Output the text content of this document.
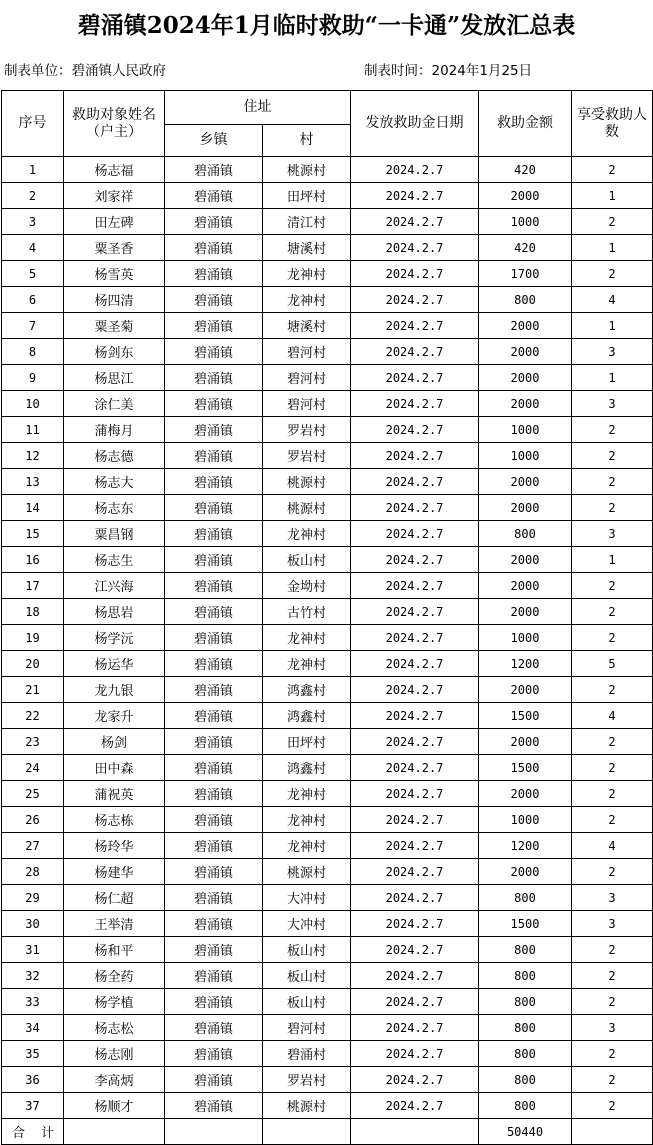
碧涌镇2024年1月临时救助“一卡通”发放汇总表
制表单位：碧涌镇人民政府	制表时间：2024年1月25日
序号	救助对象姓名（户主）	住址		发放救助金日期	救助金额	享受救助人数
		乡镇	村			
1	杨志福	碧涌镇	桃源村	2024.2.7	420	2
2	刘家祥	碧涌镇	田坪村	2024.2.7	2000	1
3	田左碑	碧涌镇	清江村	2024.2.7	1000	2
4	粟圣香	碧涌镇	塘溪村	2024.2.7	420	1
5	杨雪英	碧涌镇	龙神村	2024.2.7	1700	2
6	杨四清	碧涌镇	龙神村	2024.2.7	800	4
7	粟圣菊	碧涌镇	塘溪村	2024.2.7	2000	1
8	杨剑东	碧涌镇	碧河村	2024.2.7	2000	3
9	杨思江	碧涌镇	碧河村	2024.2.7	2000	1
10	涂仁美	碧涌镇	碧河村	2024.2.7	2000	3
11	蒲梅月	碧涌镇	罗岩村	2024.2.7	1000	2
12	杨志德	碧涌镇	罗岩村	2024.2.7	1000	2
13	杨志大	碧涌镇	桃源村	2024.2.7	2000	2
14	杨志东	碧涌镇	桃源村	2024.2.7	2000	2
15	粟昌钢	碧涌镇	龙神村	2024.2.7	800	3
16	杨志生	碧涌镇	板山村	2024.2.7	2000	1
17	江兴海	碧涌镇	金坳村	2024.2.7	2000	2
18	杨思岩	碧涌镇	古竹村	2024.2.7	2000	2
19	杨学沅	碧涌镇	龙神村	2024.2.7	1000	2
20	杨运华	碧涌镇	龙神村	2024.2.7	1200	5
21	龙九银	碧涌镇	鸿鑫村	2024.2.7	2000	2
22	龙家升	碧涌镇	鸿鑫村	2024.2.7	1500	4
23	杨剑	碧涌镇	田坪村	2024.2.7	2000	2
24	田中森	碧涌镇	鸿鑫村	2024.2.7	1500	2
25	蒲祝英	碧涌镇	龙神村	2024.2.7	2000	2
26	杨志栋	碧涌镇	龙神村	2024.2.7	1000	2
27	杨玲华	碧涌镇	龙神村	2024.2.7	1200	4
28	杨建华	碧涌镇	桃源村	2024.2.7	2000	2
29	杨仁超	碧涌镇	大冲村	2024.2.7	800	3
30	王举清	碧涌镇	大冲村	2024.2.7	1500	3
31	杨和平	碧涌镇	板山村	2024.2.7	800	2
32	杨全药	碧涌镇	板山村	2024.2.7	800	2
33	杨学植	碧涌镇	板山村	2024.2.7	800	2
34	杨志松	碧涌镇	碧河村	2024.2.7	800	3
35	杨志刚	碧涌镇	碧涌村	2024.2.7	800	2
36	李高炳	碧涌镇	罗岩村	2024.2.7	800	2
37	杨顺才	碧涌镇	桃源村	2024.2.7	800	2
合 计					50440	
